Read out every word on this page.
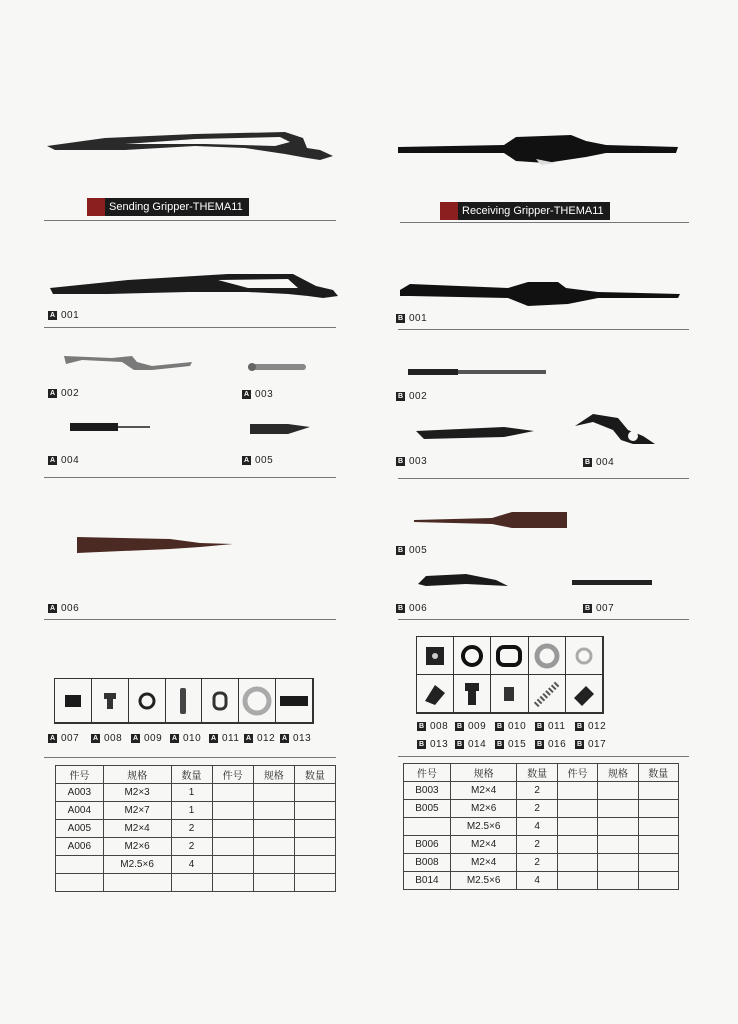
Sending Gripper-THEMA11	Receiving Gripper-THEMA11
A 001
A 002	A 003
A 004	A 005
A 006
A 007 A 008 A 009 A 010 A 011 A 012 A 013
件号	规格	数量	件号	规格	数量
A003	M2×3	1			
A004	M2×7	1			
A005	M2×4	2			
A006	M2×6	2			
	M2.5×6	4			

B 001
B 002
B 003	B 004
B 005
B 006	B 007
B 008 B 009 B 010 B 011 B 012
B 013 B 014 B 015 B 016 B 017
件号	规格	数量	件号	规格	数量
B003	M2×4	2			
B005	M2×6	2			
	M2.5×6	4			
B006	M2×4	2			
B008	M2×4	2			
B014	M2.5×6	4			
